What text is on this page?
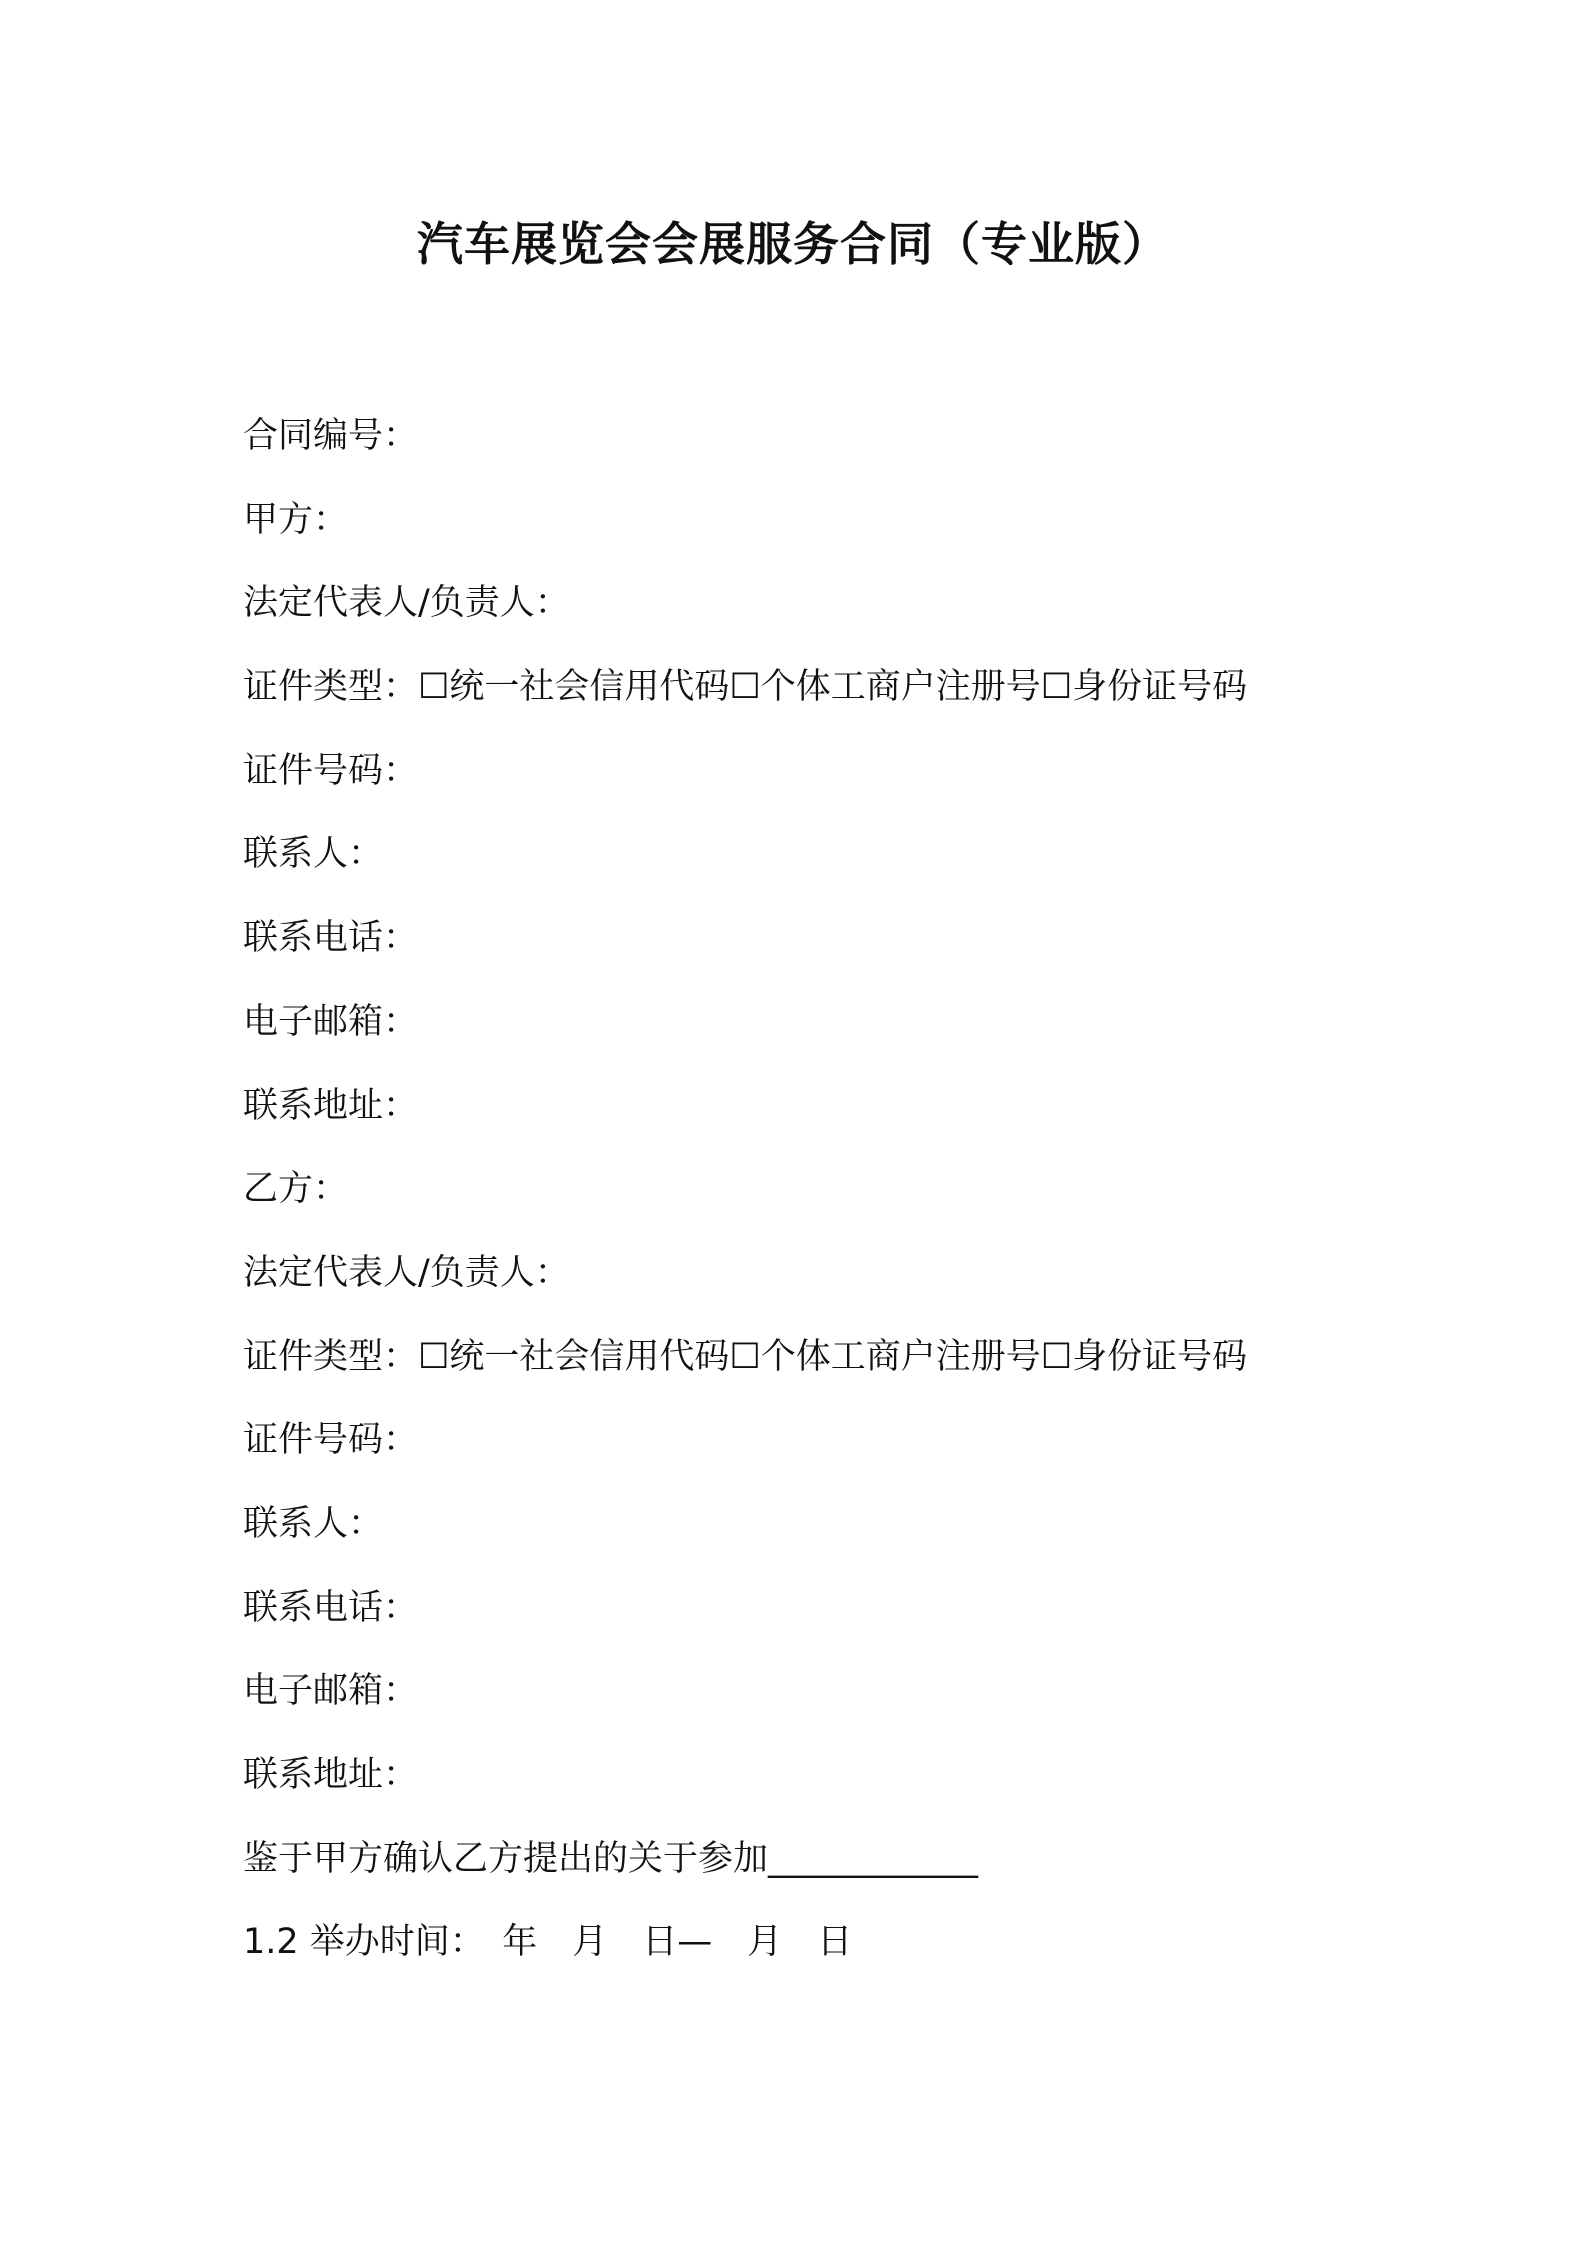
汽车展览会会展服务合同（专业版）
合同编号：
甲方：
法定代表人/负责人：
证件类型：☐统一社会信用代码☐个体工商户注册号☐身份证号码
证件号码：
联系人：
联系电话：
电子邮箱：
联系地址：
乙方：
法定代表人/负责人：
证件类型：☐统一社会信用代码☐个体工商户注册号☐身份证号码
证件号码：
联系人：
联系电话：
电子邮箱：
联系地址：
鉴于甲方确认乙方提出的关于参加____________
1.2 举办时间：　年　月　日—　月　日
